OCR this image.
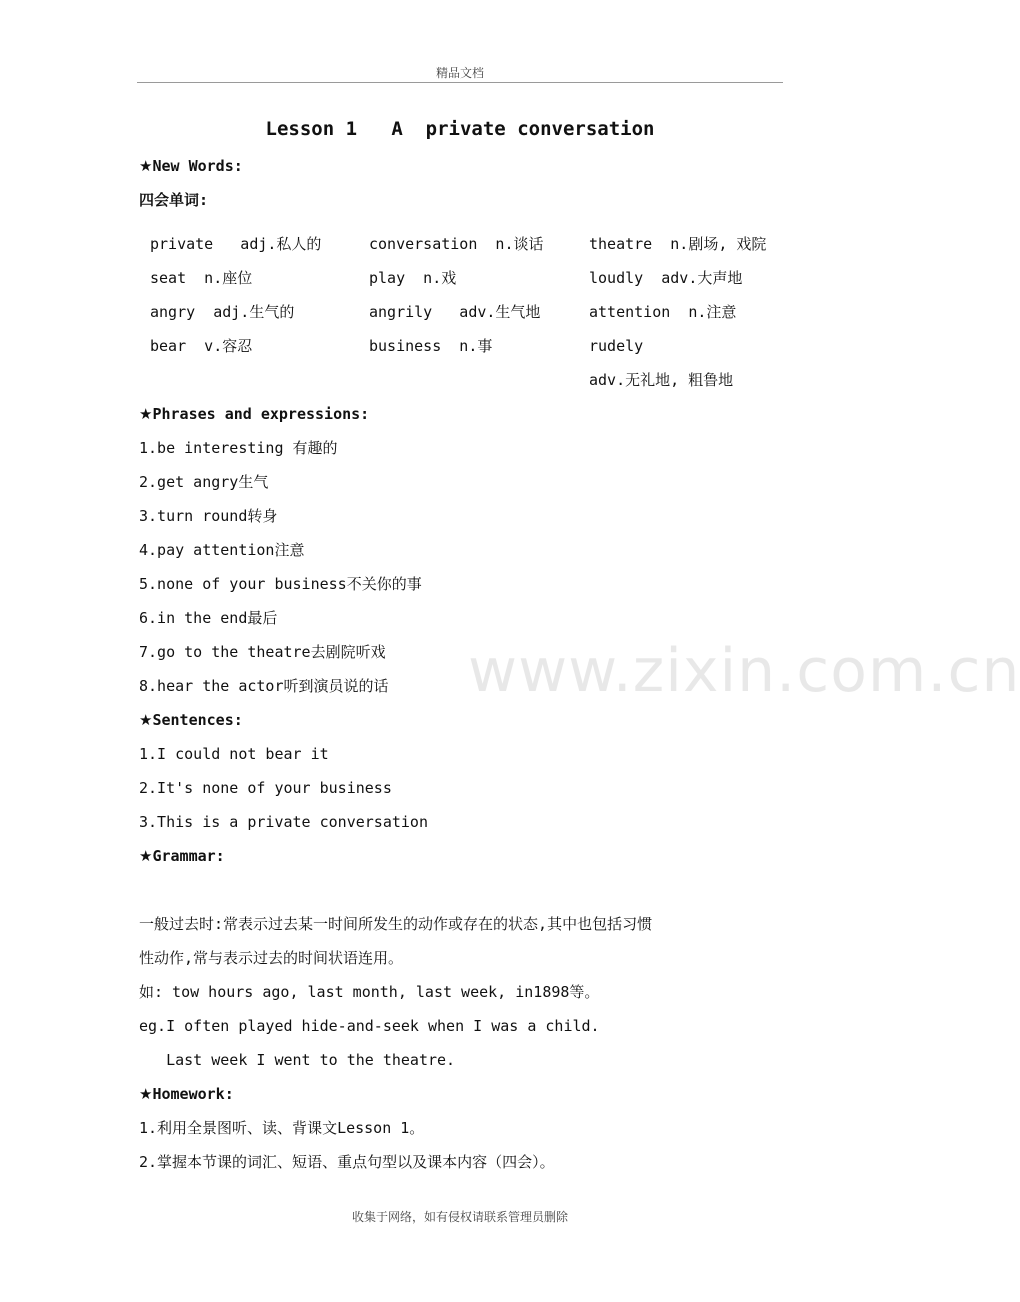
精品文档
www.zixin.com.cn
Lesson 1   A  private conversation
★New Words:
四会单词:
private   adj.私人的	conversation  n.谈话	theatre  n.剧场, 戏院
seat  n.座位	play  n.戏	loudly  adv.大声地
angry  adj.生气的	angrily   adv.生气地	attention  n.注意
bear  v.容忍	business  n.事	rudely
adv.无礼地, 粗鲁地
★Phrases and expressions:
1.be interesting 有趣的
2.get angry生气
3.turn round转身
4.pay attention注意
5.none of your business不关你的事
6.in the end最后
7.go to the theatre去剧院听戏
8.hear the actor听到演员说的话
★Sentences:
1.I could not bear it
2.It's none of your business
3.This is a private conversation
★Grammar:
一般过去时:常表示过去某一时间所发生的动作或存在的状态,其中也包括习惯
性动作,常与表示过去的时间状语连用。
如: tow hours ago, last month, last week, in1898等。
eg.I often played hide-and-seek when I was a child.
Last week I went to the theatre.
★Homework:
1.利用全景图听、读、背课文Lesson 1。
2.掌握本节课的词汇、短语、重点句型以及课本内容（四会）。
收集于网络，如有侵权请联系管理员删除
